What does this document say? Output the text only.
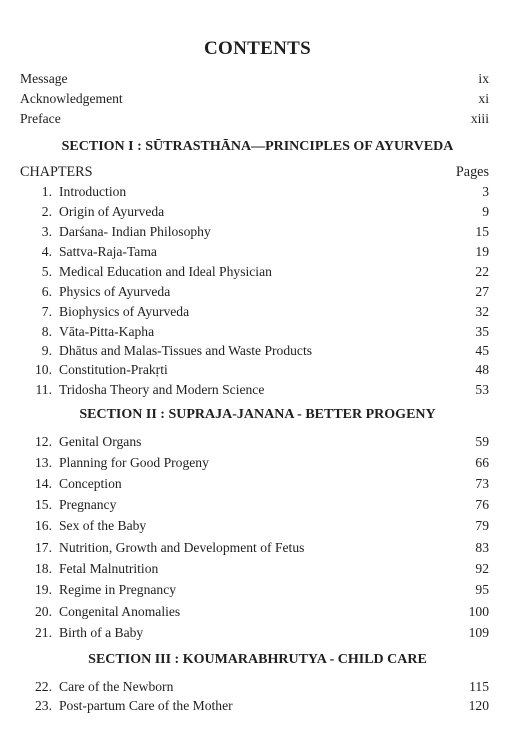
CONTENTS
Message	ix
Acknowledgement	xi
Preface	xiii
SECTION I : SŪTRASTHĀNA—PRINCIPLES OF AYURVEDA
CHAPTERS	Pages
1. Introduction	3
2. Origin of Ayurveda	9
3. Darśana- Indian Philosophy	15
4. Sattva-Raja-Tama	19
5. Medical Education and Ideal Physician	22
6. Physics of Ayurveda	27
7. Biophysics of Ayurveda	32
8. Vāta-Pitta-Kapha	35
9. Dhātus and Malas-Tissues and Waste Products	45
10. Constitution-Prakṛti	48
11. Tridosha Theory and Modern Science	53
SECTION II : SUPRAJA-JANANA - BETTER PROGENY
12. Genital Organs	59
13. Planning for Good Progeny	66
14. Conception	73
15. Pregnancy	76
16. Sex of the Baby	79
17. Nutrition, Growth and Development of Fetus	83
18. Fetal Malnutrition	92
19. Regime in Pregnancy	95
20. Congenital Anomalies	100
21. Birth of a Baby	109
SECTION III : KOUMARABHRUTYA - CHILD CARE
22. Care of the Newborn	115
23. Post-partum Care of the Mother	120
